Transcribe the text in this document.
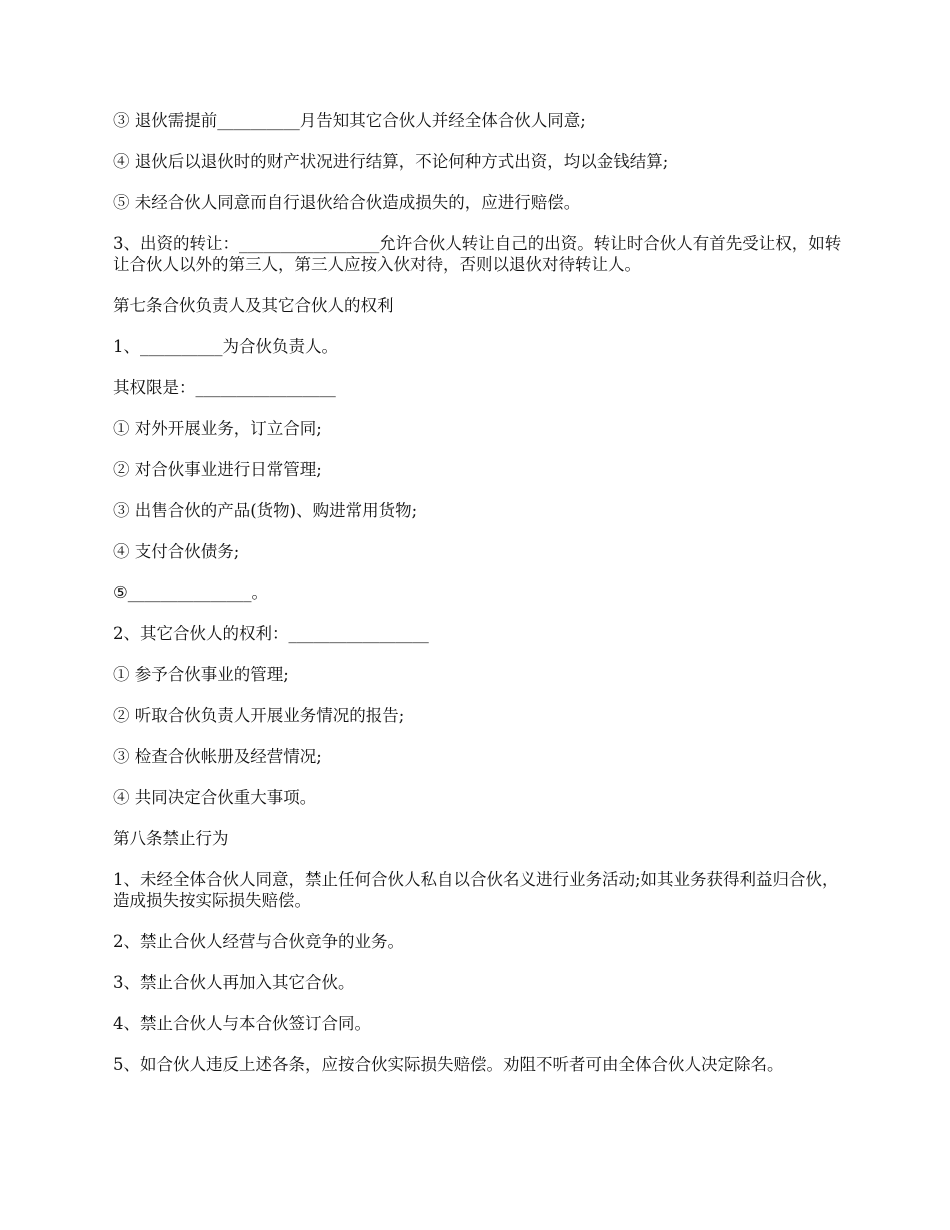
③ 退伙需提前__________月告知其它合伙人并经全体合伙人同意;

④ 退伙后以退伙时的财产状况进行结算，不论何种方式出资，均以金钱结算;

⑤ 未经合伙人同意而自行退伙给合伙造成损失的，应进行赔偿。

3、出资的转让：_________________允许合伙人转让自己的出资。转让时合伙人有首先受让权，如转让合伙人以外的第三人，第三人应按入伙对待，否则以退伙对待转让人。

第七条合伙负责人及其它合伙人的权利

1、__________为合伙负责人。

其权限是：_________________

① 对外开展业务，订立合同;

② 对合伙事业进行日常管理;

③ 出售合伙的产品(货物)、购进常用货物;

④ 支付合伙债务;

⑤_______________。

2、其它合伙人的权利：_________________

① 参予合伙事业的管理;

② 听取合伙负责人开展业务情况的报告;

③ 检查合伙帐册及经营情况;

④ 共同决定合伙重大事项。

第八条禁止行为

1、未经全体合伙人同意，禁止任何合伙人私自以合伙名义进行业务活动;如其业务获得利益归合伙，造成损失按实际损失赔偿。

2、禁止合伙人经营与合伙竞争的业务。

3、禁止合伙人再加入其它合伙。

4、禁止合伙人与本合伙签订合同。

5、如合伙人违反上述各条，应按合伙实际损失赔偿。劝阻不听者可由全体合伙人决定除名。
